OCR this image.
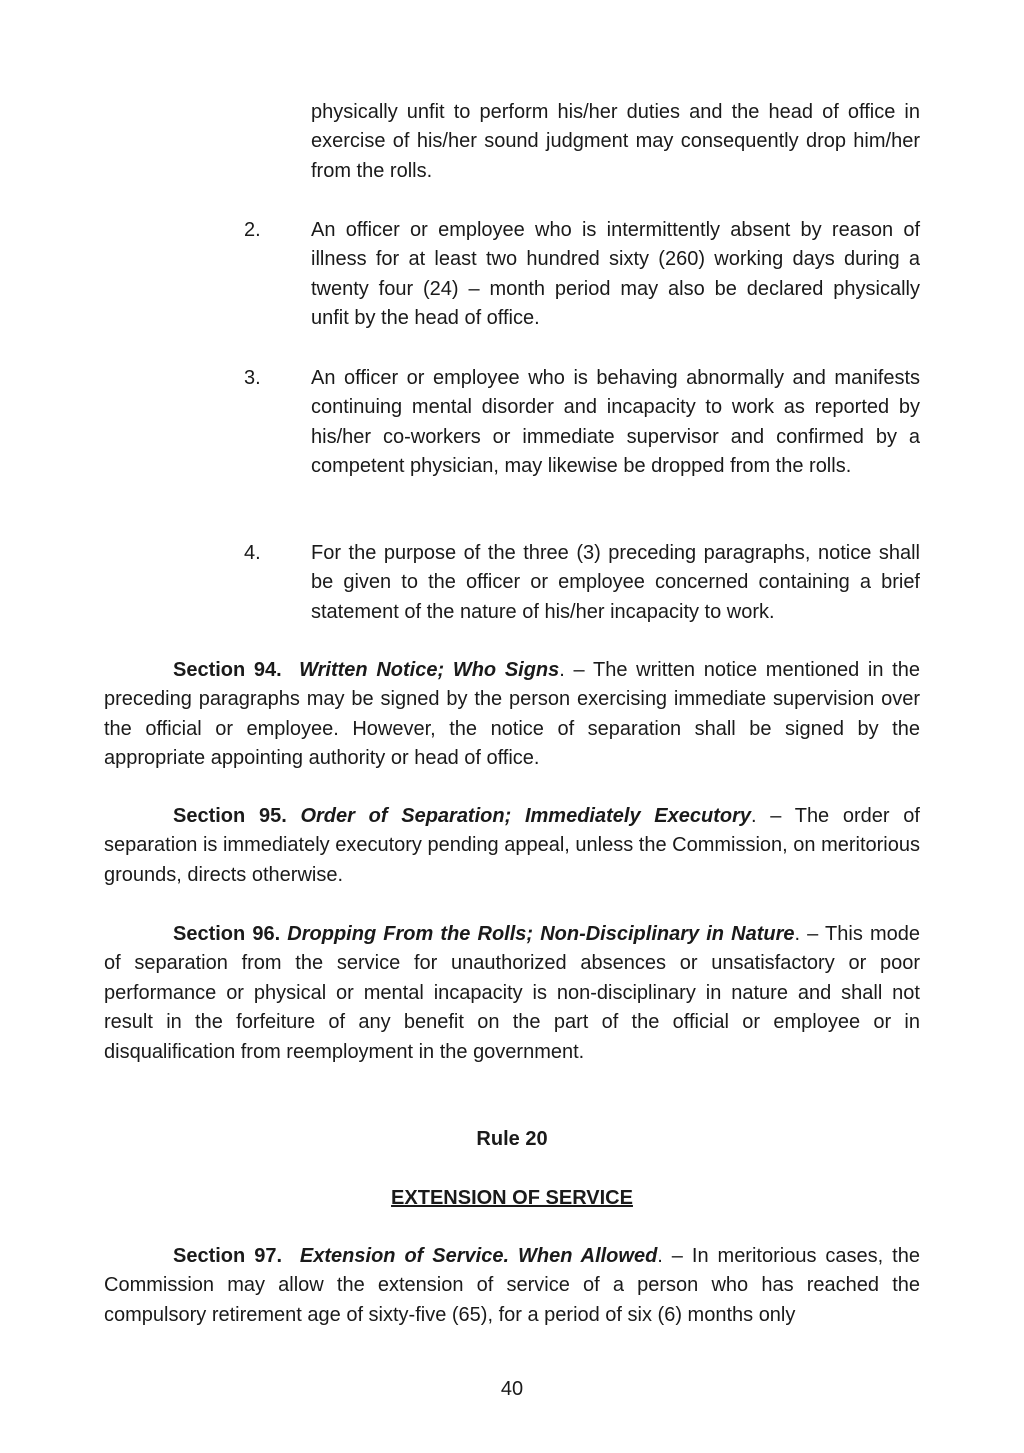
physically unfit to perform his/her duties and the head of office in exercise of his/her sound judgment may consequently drop him/her from the rolls.

2.	An officer or employee who is intermittently absent by reason of illness for at least two hundred sixty (260) working days during a twenty four (24) – month period may also be declared physically unfit by the head of office.

3.	An officer or employee who is behaving abnormally and manifests continuing mental disorder and incapacity to work as reported by his/her co-workers or immediate supervisor and confirmed by a competent physician, may likewise be dropped from the rolls.

4.	For the purpose of the three (3) preceding paragraphs, notice shall be given to the officer or employee concerned containing a brief statement of the nature of his/her incapacity to work.

Section 94. Written Notice; Who Signs. – The written notice mentioned in the preceding paragraphs may be signed by the person exercising immediate supervision over the official or employee. However, the notice of separation shall be signed by the appropriate appointing authority or head of office.

Section 95. Order of Separation; Immediately Executory. – The order of separation is immediately executory pending appeal, unless the Commission, on meritorious grounds, directs otherwise.

Section 96. Dropping From the Rolls; Non-Disciplinary in Nature. – This mode of separation from the service for unauthorized absences or unsatisfactory or poor performance or physical or mental incapacity is non-disciplinary in nature and shall not result in the forfeiture of any benefit on the part of the official or employee or in disqualification from reemployment in the government.

Rule 20
EXTENSION OF SERVICE

Section 97. Extension of Service. When Allowed. – In meritorious cases, the Commission may allow the extension of service of a person who has reached the compulsory retirement age of sixty-five (65), for a period of six (6) months only

40
